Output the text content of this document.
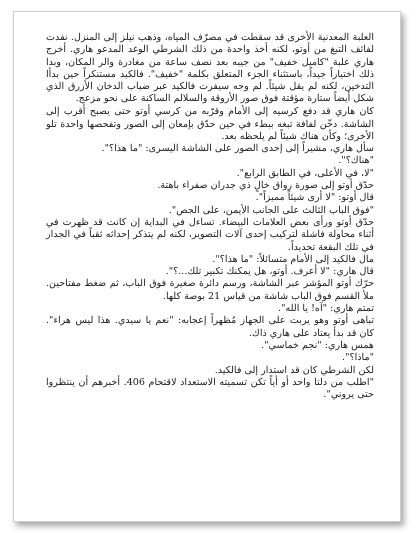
العلبة المعدنية الأخرى قد سقطت في مصرّف المياه، وذهب نيلز إلى المنزل. نفدت لفائف التبغ من أوتو، لكنه أخذ واحدة من ذلك الشرطي الوغد المدعو هاري. أخرج هاري علبة "كاميل خفيف" من جيبه بعد نصف ساعة من مغادرة والر المكان، وبدا ذلك اختياراً جيداً، باستثناء الجزء المتعلق بكلمة "خفيف". فالكيد مستنكراً حين بدأا التدخين، لكنه لم يقل شيئاً. لم وجه سيفرت فالكيد عبر ضباب الدخان الأزرق الذي شكل أيضاً ستارة مؤقتة فوق صور الأروقة والسلالم الساكنة على نحو مزعج.

كان هاري قد دفع كرسيه إلى الأمام وقرّبه من كرسي أوتو حتى يصبح أقرب إلى الشاشة. دخّن لفافة تبغه ببطء في حين حدّق بإمعان إلى الصور وتفحصها واحدة تلو الأخرى؛ وكأن هناك شيئاً لم يلحظه بعد.

سأل هاري، مشيراً إلى إحدى الصور على الشاشة اليسرى: "ما هذا؟".

"هناك؟".

"لا، في الأعلى، في الطابق الرابع".

حدّق أوتو إلى صورة رواق خالٍ ذي جدران صفراء باهتة.

قال أوتو: "لا أرى شيئاً مميزاً".

"فوق الباب الثالث على الجانب الأيمن، على الجص".

حدّق أوتو ورأى بعض العلامات البيضاء. تساءل في البداية إن كانت قد ظهرت في أثناء محاولة فاشلة لتركيب إحدى آلات التصوير، لكنه لم يتذكر إحداثه ثقباً في الجدار في تلك البقعة تحديداً.

مال فالكيد إلى الأمام متسائلاً: "ما هذا؟".

قال هاري: "لا أعرف. أوتو، هل يمكنك تكبير تلك...؟".

حرّك أوتو المؤشر عبر الشاشة، ورسم دائرة صغيرة فوق الباب، ثم ضغط مفتاحين. ملأ القسم فوق الباب شاشة من قياس 21 بوصة كلها.

تمتم هاري: "آه! يا الله".

تباهى أوتو وهو يربت على الجهاز مُظهراً إعجابه: "نعم يا سيدي. هذا ليس هراء". كان قد بدأ يعتاد على هاري ذاك.

همس هاري: "نجم خماسي".

"ماذا؟".

لكن الشرطي كان قد استدار إلى فالكيد.

"اطلب من دلتا واحد أو أياً تكن تسميته الاستعداد لاقتحام 406. أخبرهم أن ينتظروا حتى يروني".
